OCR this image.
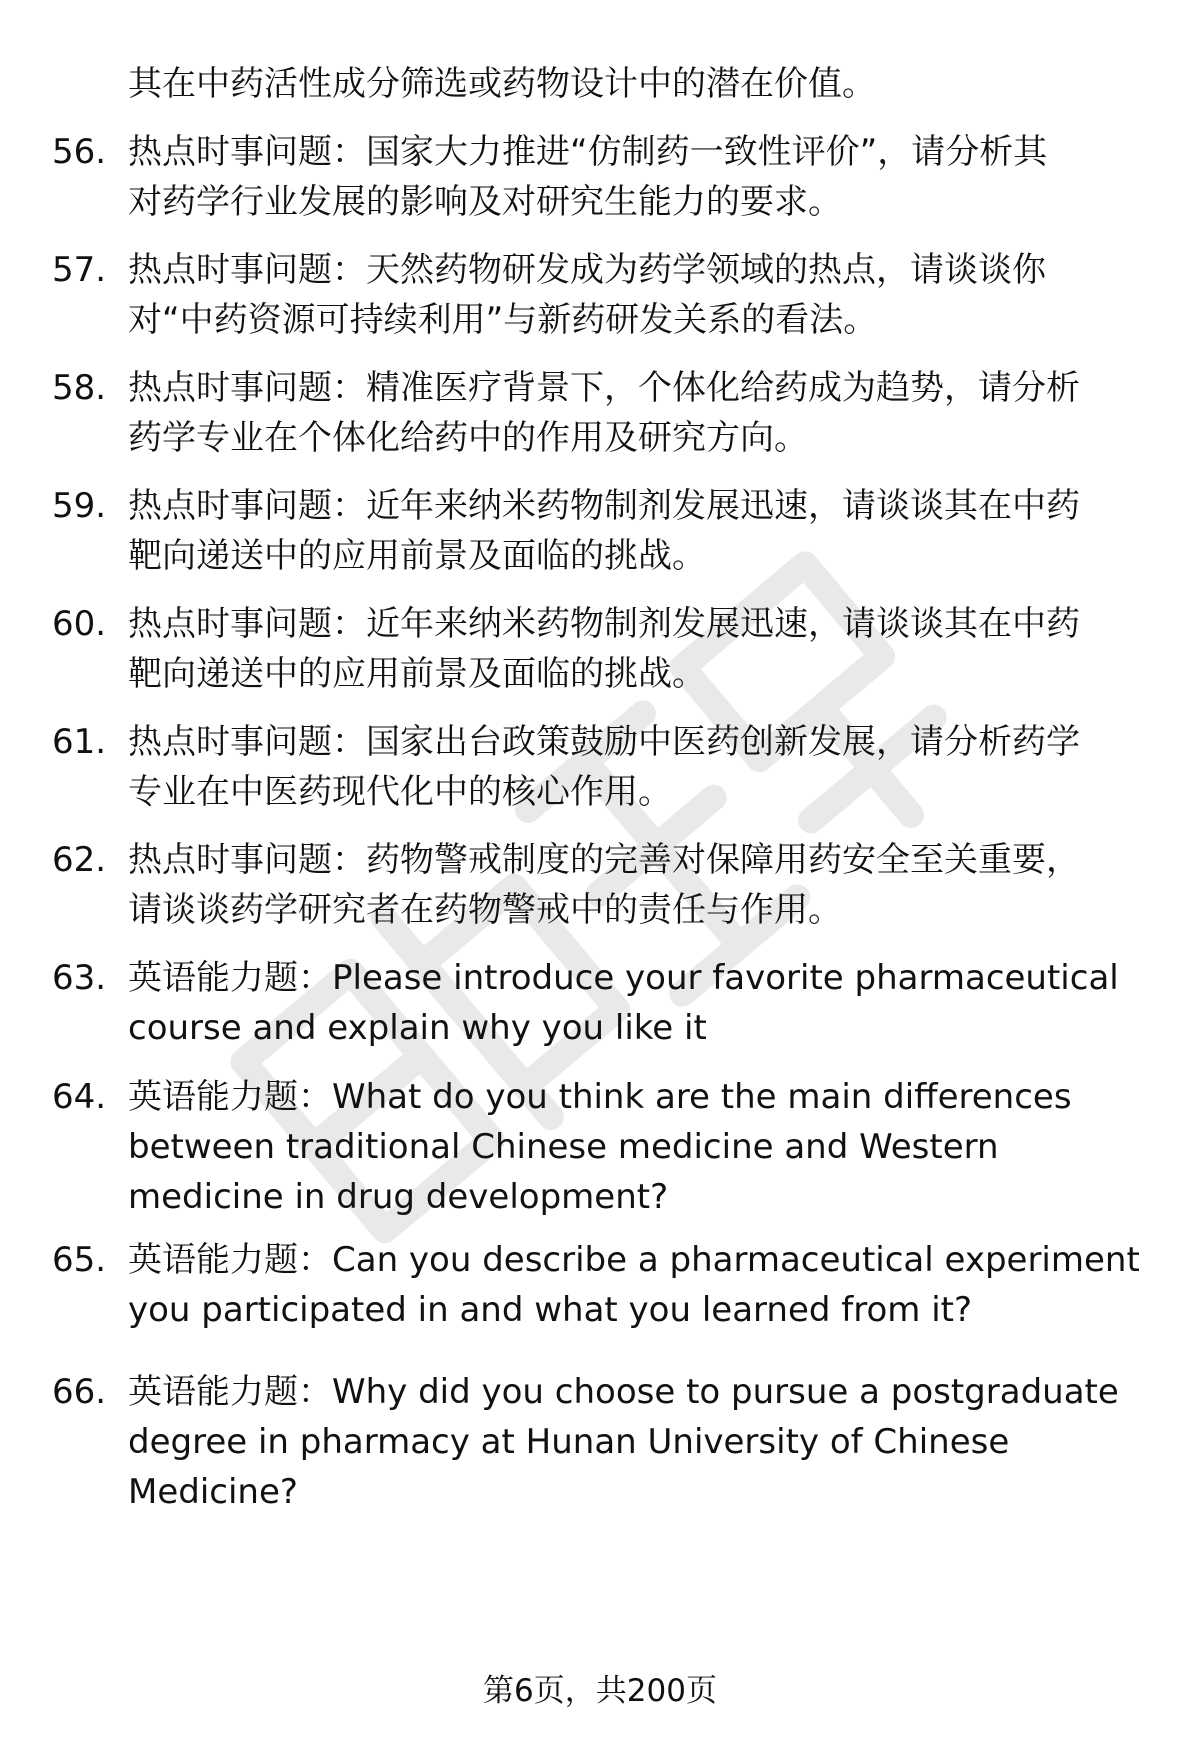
其在中药活性成分筛选或药物设计中的潜在价值。

56. 热点时事问题：国家大力推进“仿制药一致性评价”，请分析其
对药学行业发展的影响及对研究生能力的要求。
57. 热点时事问题：天然药物研发成为药学领域的热点，请谈谈你
对“中药资源可持续利用”与新药研发关系的看法。
58. 热点时事问题：精准医疗背景下，个体化给药成为趋势，请分析
药学专业在个体化给药中的作用及研究方向。
59. 热点时事问题：近年来纳米药物制剂发展迅速，请谈谈其在中药
靶向递送中的应用前景及面临的挑战。
60. 热点时事问题：近年来纳米药物制剂发展迅速，请谈谈其在中药
靶向递送中的应用前景及面临的挑战。
61. 热点时事问题：国家出台政策鼓励中医药创新发展，请分析药学
专业在中医药现代化中的核心作用。
62. 热点时事问题：药物警戒制度的完善对保障用药安全至关重要，
请谈谈药学研究者在药物警戒中的责任与作用。
63. 英语能力题：Please introduce your favorite pharmaceutical
course and explain why you like it
64. 英语能力题：What do you think are the main differences
between traditional Chinese medicine and Western
medicine in drug development?
65. 英语能力题：Can you describe a pharmaceutical experiment
you participated in and what you learned from it?
66. 英语能力题：Why did you choose to pursue a postgraduate
degree in pharmacy at Hunan University of Chinese
Medicine?
第6页，共200页
